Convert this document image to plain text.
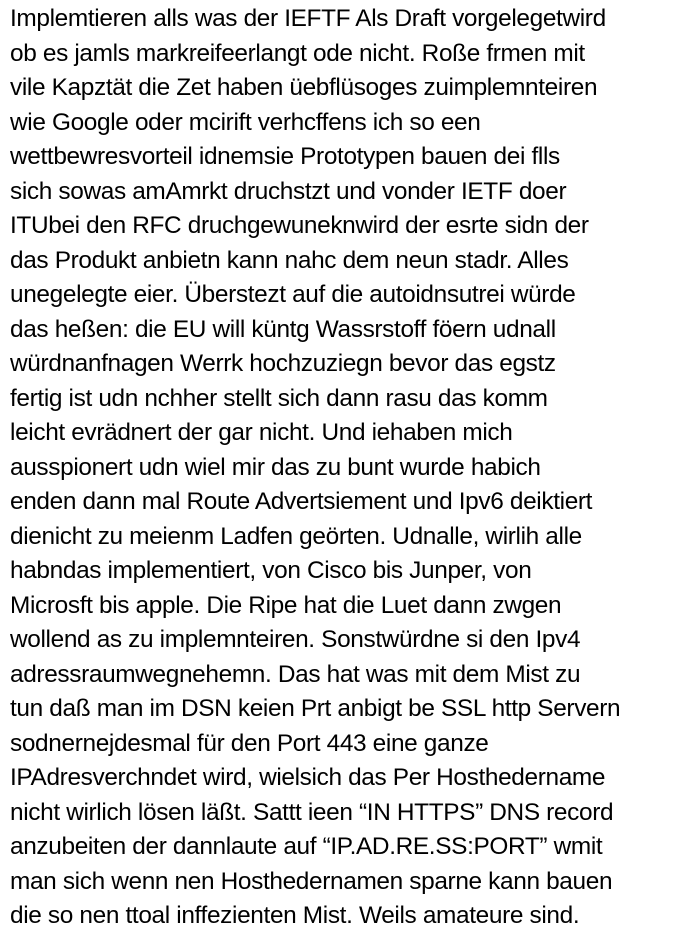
Implemtieren alls was der IEFTF Als Draft vorgelegetwird
ob es jamls markreifeerlangt ode nicht. Roße frmen mit
vile Kapztät die Zet haben üebflüsoges zuimplemnteiren
wie Google oder mcirift verhcffens ich so een
wettbewresvorteil idnemsie Prototypen bauen dei flls
sich sowas amAmrkt druchstzt und vonder IETF doer
ITUbei den RFC druchgewuneknwird der esrte sidn der
das Produkt anbietn kann nahc dem neun stadr. Alles
unegelegte eier. Überstezt auf die autoidnsutrei würde
das heßen: die EU will küntg Wassrstoff föern udnall
würdnanfnagen Werrk hochzuziegn bevor das egstz
fertig ist udn nchher stellt sich dann rasu das komm
leicht evrädnert der gar nicht. Und iehaben mich
ausspionert udn wiel mir das zu bunt wurde habich
enden dann mal Route Advertsiement und Ipv6 deiktiert
dienicht zu meienm Ladfen geörten. Udnalle, wirlih alle
habndas implementiert, von Cisco bis Junper, von
Microsft bis apple. Die Ripe hat die Luet dann zwgen
wollend as zu implemnteiren. Sonstwürdne si den Ipv4
adressraumwegnehemn. Das hat was mit dem Mist zu
tun daß man im DSN keien Prt anbigt be SSL http Servern
sodnernejdesmal für den Port 443 eine ganze
IPAdresverchndet wird, wielsich das Per Hosthedername
nicht wirlich lösen läßt. Sattt ieen “IN HTTPS” DNS record
anzubeiten der dannlaute auf “IP.AD.RE.SS:PORT” wmit
man sich wenn nen Hosthedernamen sparne kann bauen
die so nen ttoal inffezienten Mist. Weils amateure sind.
